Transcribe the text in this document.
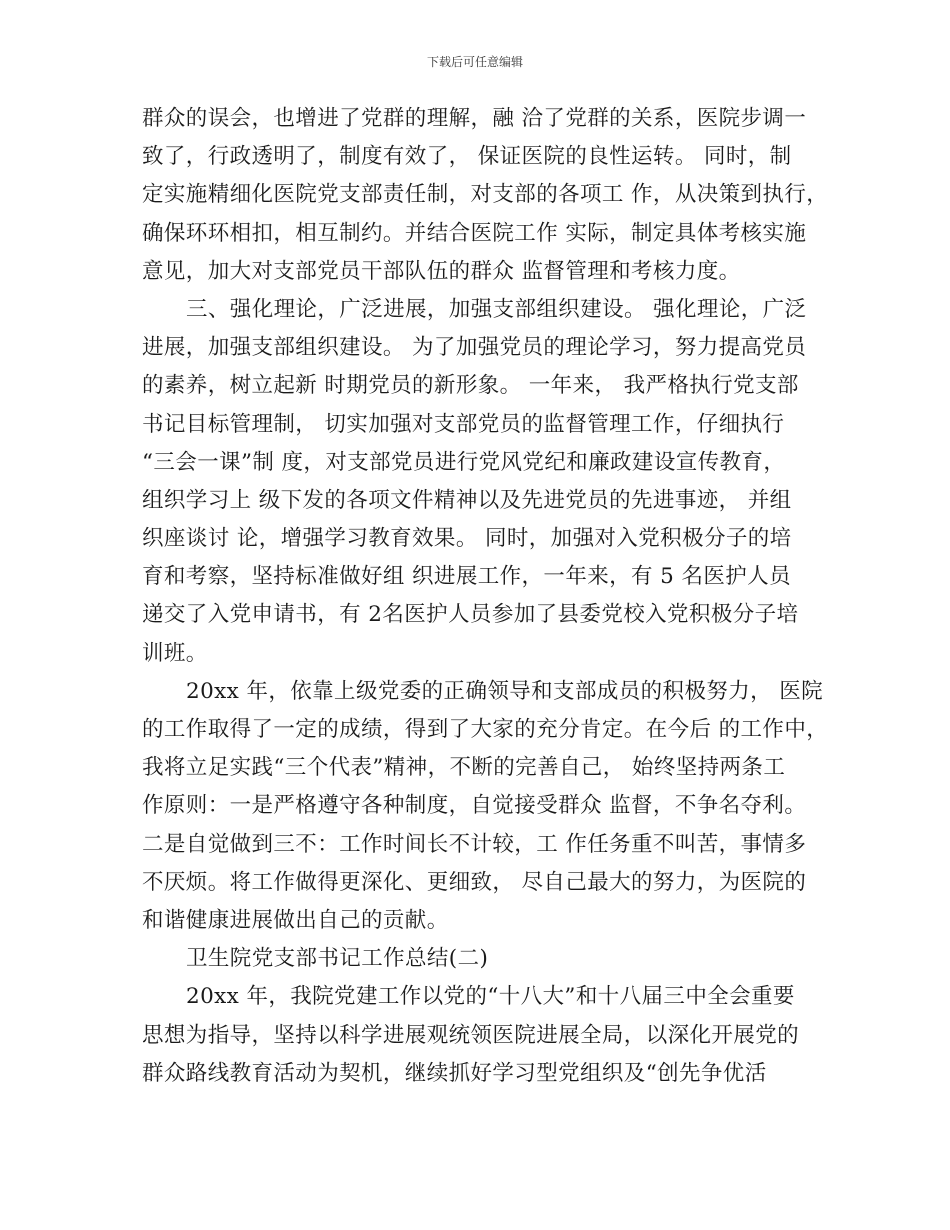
下载后可任意编辑
群众的误会，也增进了党群的理解，融 洽了党群的关系，医院步调一
致了，行政透明了，制度有效了， 保证医院的良性运转。 同时，制
定实施精细化医院党支部责任制，对支部的各项工 作，从决策到执行，
确保环环相扣，相互制约。并结合医院工作 实际，制定具体考核实施
意见，加大对支部党员干部队伍的群众 监督管理和考核力度。
三、强化理论，广泛进展，加强支部组织建设。 强化理论，广泛
进展，加强支部组织建设。 为了加强党员的理论学习，努力提高党员
的素养，树立起新 时期党员的新形象。 一年来， 我严格执行党支部
书记目标管理制， 切实加强对支部党员的监督管理工作，仔细执行
“三会一课”制 度，对支部党员进行党风党纪和廉政建设宣传教育，
组织学习上 级下发的各项文件精神以及先进党员的先进事迹， 并组
织座谈讨 论，增强学习教育效果。 同时，加强对入党积极分子的培
育和考察，坚持标准做好组 织进展工作，一年来，有 5 名医护人员
递交了入党申请书，有 2名医护人员参加了县委党校入党积极分子培
训班。
20xx 年，依靠上级党委的正确领导和支部成员的积极努力， 医院
的工作取得了一定的成绩，得到了大家的充分肯定。在今后 的工作中，
我将立足实践“三个代表”精神，不断的完善自己， 始终坚持两条工
作原则：一是严格遵守各种制度，自觉接受群众 监督，不争名夺利。
二是自觉做到三不：工作时间长不计较，工 作任务重不叫苦，事情多
不厌烦。将工作做得更深化、更细致， 尽自己最大的努力，为医院的
和谐健康进展做出自己的贡献。
卫生院党支部书记工作总结(二)
20xx 年，我院党建工作以党的“十八大”和十八届三中全会重要
思想为指导，坚持以科学进展观统领医院进展全局，以深化开展党的
群众路线教育活动为契机，继续抓好学习型党组织及“创先争优活
